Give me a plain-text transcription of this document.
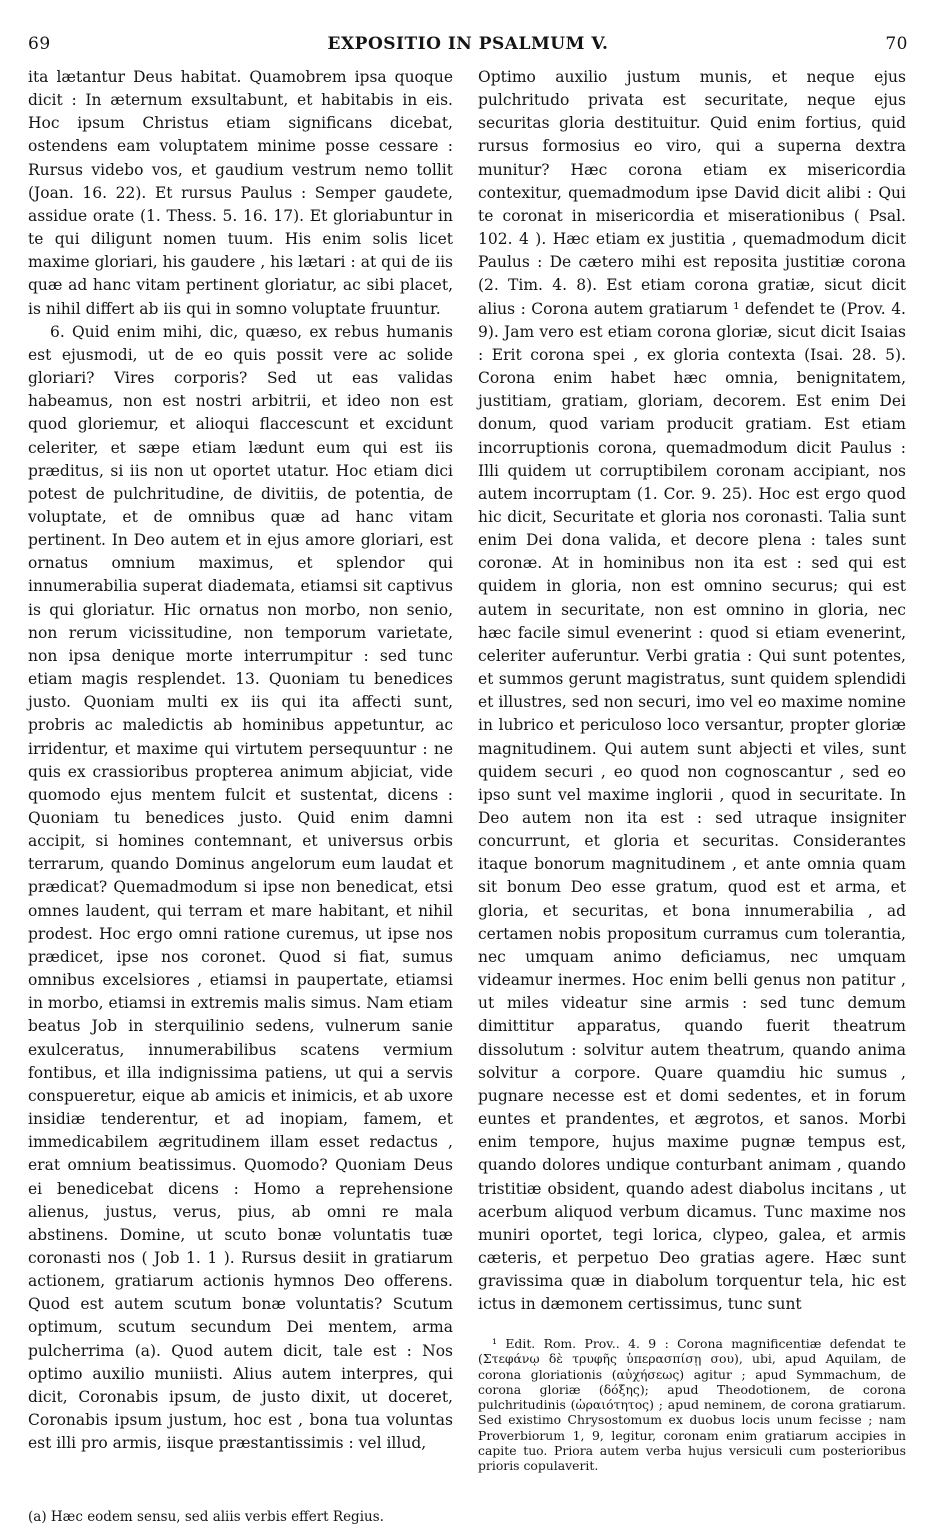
69	EXPOSITIO IN PSALMUM V.	70

ita lætantur Deus habitat. Quamobrem ipsa quoque dicit : In æternum exsultabunt, et habitabis in eis. Hoc ipsum Christus etiam significans dicebat, ostendens eam voluptatem minime posse cessare : Rursus videbo vos, et gaudium vestrum nemo tollit (Joan. 16. 22). Et rursus Paulus : Semper gaudete, assidue orate (1. Thess. 5. 16. 17). Et gloriabuntur in te qui diligunt nomen tuum. His enim solis licet maxime gloriari, his gaudere , his lætari : at qui de iis quæ ad hanc vitam pertinent gloriatur, ac sibi placet, is nihil differt ab iis qui in somno voluptate fruuntur.

6. Quid enim mihi, dic, quæso, ex rebus humanis est ejusmodi, ut de eo quis possit vere ac solide gloriari? Vires corporis? Sed ut eas validas habeamus, non est nostri arbitrii, et ideo non est quod gloriemur, et alioqui flaccescunt et excidunt celeriter, et sæpe etiam lædunt eum qui est iis præditus, si iis non ut oportet utatur. Hoc etiam dici potest de pulchritudine, de divitiis, de potentia, de voluptate, et de omnibus quæ ad hanc vitam pertinent. In Deo autem et in ejus amore gloriari, est ornatus omnium maximus, et splendor qui innumerabilia superat diademata, etiamsi sit captivus is qui gloriatur. Hic ornatus non morbo, non senio, non rerum vicissitudine, non temporum varietate, non ipsa denique morte interrumpitur : sed tunc etiam magis resplendet. 13. Quoniam tu benedices justo. Quoniam multi ex iis qui ita affecti sunt, probris ac maledictis ab hominibus appetuntur, ac irridentur, et maxime qui virtutem persequuntur : ne quis ex crassioribus propterea animum abjiciat, vide quomodo ejus mentem fulcit et sustentat, dicens : Quoniam tu benedices justo. Quid enim damni accipit, si homines contemnant, et universus orbis terrarum, quando Dominus angelorum eum laudat et prædicat? Quemadmodum si ipse non benedicat, etsi omnes laudent, qui terram et mare habitant, et nihil prodest. Hoc ergo omni ratione curemus, ut ipse nos prædicet, ipse nos coronet. Quod si fiat, sumus omnibus excelsiores , etiamsi in paupertate, etiamsi in morbo, etiamsi in extremis malis simus. Nam etiam beatus Job in sterquilinio sedens, vulnerum sanie exulceratus, innumerabilibus scatens vermium fontibus, et illa indignissima patiens, ut qui a servis conspueretur, eique ab amicis et inimicis, et ab uxore insidiæ tenderentur, et ad inopiam, famem, et immedicabilem ægritudinem illam esset redactus , erat omnium beatissimus. Quomodo? Quoniam Deus ei benedicebat dicens : Homo a reprehensione alienus, justus, verus, pius, ab omni re mala abstinens. Domine, ut scuto bonæ voluntatis tuæ coronasti nos ( Job 1. 1 ). Rursus desiit in gratiarum actionem, gratiarum actionis hymnos Deo offerens. Quod est autem scutum bonæ voluntatis? Scutum optimum, scutum secundum Dei mentem, arma pulcherrima (a). Quod autem dicit, tale est : Nos optimo auxilio muniisti. Alius autem interpres, qui dicit, Coronabis ipsum, de justo dixit, ut doceret, Coronabis ipsum justum, hoc est , bona tua voluntas est illi pro armis, iisque præstantissimis : vel illud,

(a) Hæc eodem sensu, sed aliis verbis effert Regius.

Optimo auxilio justum munis, et neque ejus pulchritudo privata est securitate, neque ejus securitas gloria destituitur. Quid enim fortius, quid rursus formosius eo viro, qui a superna dextra munitur? Hæc corona etiam ex misericordia contexitur, quemadmodum ipse David dicit alibi : Qui te coronat in misericordia et miserationibus ( Psal. 102. 4 ). Hæc etiam ex justitia , quemadmodum dicit Paulus : De cætero mihi est reposita justitiæ corona (2. Tim. 4. 8). Est etiam corona gratiæ, sicut dicit alius : Corona autem gratiarum ¹ defendet te (Prov. 4. 9). Jam vero est etiam corona gloriæ, sicut dicit Isaias : Erit corona spei , ex gloria contexta (Isai. 28. 5). Corona enim habet hæc omnia, benignitatem, justitiam, gratiam, gloriam, decorem. Est enim Dei donum, quod variam producit gratiam. Est etiam incorruptionis corona, quemadmodum dicit Paulus : Illi quidem ut corruptibilem coronam accipiant, nos autem incorruptam (1. Cor. 9. 25). Hoc est ergo quod hic dicit, Securitate et gloria nos coronasti. Talia sunt enim Dei dona valida, et decore plena : tales sunt coronæ. At in hominibus non ita est : sed qui est quidem in gloria, non est omnino securus; qui est autem in securitate, non est omnino in gloria, nec hæc facile simul evenerint : quod si etiam evenerint, celeriter auferuntur. Verbi gratia : Qui sunt potentes, et summos gerunt magistratus, sunt quidem splendidi et illustres, sed non securi, imo vel eo maxime nomine in lubrico et periculoso loco versantur, propter gloriæ magnitudinem. Qui autem sunt abjecti et viles, sunt quidem securi , eo quod non cognoscantur , sed eo ipso sunt vel maxime inglorii , quod in securitate. In Deo autem non ita est : sed utraque insigniter concurrunt, et gloria et securitas. Considerantes itaque bonorum magnitudinem , et ante omnia quam sit bonum Deo esse gratum, quod est et arma, et gloria, et securitas, et bona innumerabilia , ad certamen nobis propositum curramus cum tolerantia, nec umquam animo deficiamus, nec umquam videamur inermes. Hoc enim belli genus non patitur , ut miles videatur sine armis : sed tunc demum dimittitur apparatus, quando fuerit theatrum dissolutum : solvitur autem theatrum, quando anima solvitur a corpore. Quare quamdiu hic sumus , pugnare necesse est et domi sedentes, et in forum euntes et prandentes, et ægrotos, et sanos. Morbi enim tempore, hujus maxime pugnæ tempus est, quando dolores undique conturbant animam , quando tristitiæ obsident, quando adest diabolus incitans , ut acerbum aliquod verbum dicamus. Tunc maxime nos muniri oportet, tegi lorica, clypeo, galea, et armis cæteris, et perpetuo Deo gratias agere. Hæc sunt gravissima quæ in diabolum torquentur tela, hic est ictus in dæmonem certissimus, tunc sunt

¹ Edit. Rom. Prov.. 4. 9 : Corona magnificentiæ defendat te (Στεφάνῳ δὲ τρυφῆς ὑπερασπίσῃ σου), ubi, apud Aquilam, de corona gloriationis (αὐχήσεως) agitur ; apud Symmachum, de corona gloriæ (δόξης); apud Theodotionem, de corona pulchritudinis (ὡραιότητος) ; apud neminem, de corona gratiarum. Sed existimo Chrysostomum ex duobus locis unum fecisse ; nam Proverbiorum 1, 9, legitur, coronam enim gratiarum accipies in capite tuo. Priora autem verba hujus versiculi cum posterioribus prioris copulaverit.
